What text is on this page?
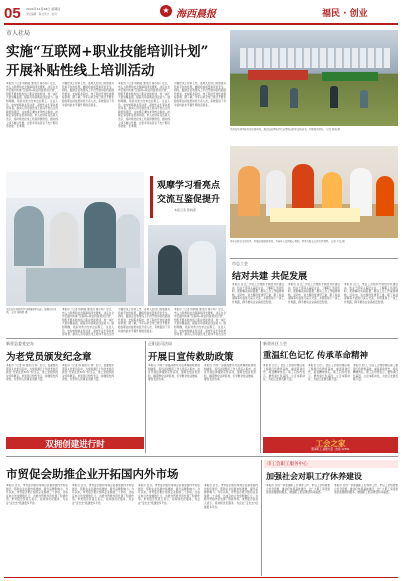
05 2024年11月28日 星期四
责任编辑 · 版式设计 · 校对	★ 海西晨报	福民 · 创业
市人社局
实施“互联网+职业技能培训计划”
开展补贴性线上培训活动
本报讯（记者 陈晓燕 通讯员 黄小明）近日，市人力资源和社会保障局印发通知，决定在全市范围内实施“互联网+职业技能培训计划”，组织开展补贴性线上职业技能培训，进一步扩大培训覆盖面，提高劳动者就业创业能力。通知明确，培训对象为全市企业职工、失业人员、农村转移就业劳动者、高校毕业生等各类劳动者。参训人员可通过线上培训平台自主选择培训项目，完成规定课时并考核合格的，按规定享受职业培训补贴。市人社局有关负责人表示，将持续优化线上培训资源供给，推动线上线下融合发展，让更多劳动者足不出户即可学技能、长本领。
为做好线上培训工作，各地人社部门将加强对培训平台的监管，确保培训质量和资金安全。同时，鼓励企业利用线上平台开展岗位技能提升培训，支持职业院校、技工院校开放优质课程资源。据了解，今年以来全市已累计开展补贴性职业技能培训四万余人次，有效促进了劳动者技能水平提升和稳定就业。
本报讯（记者 陈晓燕 通讯员 黄小明）近日，市人力资源和社会保障局印发通知，决定在全市范围内实施“互联网+职业技能培训计划”，组织开展补贴性线上职业技能培训，进一步扩大培训覆盖面，提高劳动者就业创业能力。通知明确，培训对象为全市企业职工、失业人员、农村转移就业劳动者、高校毕业生等各类劳动者。参训人员可通过线上培训平台自主选择培训项目，完成规定课时并考核合格的，按规定享受职业培训补贴。市人社局有关负责人表示，将持续优化线上培训资源供给，推动线上线下融合发展，让更多劳动者足不出户即可学技能、长本领。
为做好线上培训工作，各地人社部门将加强对培训平台的监管，确保培训质量和资金安全。同时，鼓励企业利用线上平台开展岗位技能提升培训，支持职业院校、技工院校开放优质课程资源。据了解，今年以来全市已累计开展补贴性职业技能培训四万余人次，有效促进了劳动者技能水平提升和稳定就业。
学员在培训基地参加实操训练，通过技能考核后将获得相应职业资格证书，实现稳定就业。 记者 林海 摄
青年志愿者走进社区，开展志愿服务活动，为老年人提供贴心帮助，营造互助友爱的社区氛围。 记者 王磊 摄
观摩学习看亮点
交流互鉴促提升
本报记者 陈晓燕
市民在培训机构学习健康照护技能，掌握实用本领。 记者 陈晓燕 摄
本报讯（记者 陈晓燕 通讯员 黄小明）近日，市人力资源和社会保障局印发通知，决定在全市范围内实施“互联网+职业技能培训计划”，组织开展补贴性线上职业技能培训，进一步扩大培训覆盖面，提高劳动者就业创业能力。通知明确，培训对象为全市企业职工、失业人员、农村转移就业劳动者、高校毕业生等各类劳动者。参训人员可通过线上培训平台自主选
为做好线上培训工作，各地人社部门将加强对培训平台的监管，确保培训质量和资金安全。同时，鼓励企业利用线上平台开展岗位技能提升培训，支持职业院校、技工院校开放优质课程资源。据了解，今年以来全市已累计开展补贴性职业技能培训四万余人次，有效促进了劳动者技能水平提升和稳定就业。
本报讯（记者 陈晓燕 通讯员 黄小明）近日，市人力资源和社会保障局印发通知，决定在全市范围内实施“互联网+职业技能培训计划”，组织开展补贴性线上职业技能培训，进一步扩大培训覆盖面，提高劳动者就业创业能力。通知明确，培训对象为全市企业职工、失业人员、农村转移就业劳动者、高校毕业生等各类劳动者。参训人员可通过线上培训平台自主选
市总工会
结对共建 共促发展
本报讯 近日，市总工会组织开展结对共建活动，机关干部深入基层企业，了解职工所需所盼，帮助解决实际困难，推动工会工作提质增效。活动中，双方围绕党建带工建、职工权益保障等方面进行深入交流，共同谋划下一步工作思路，携手推动企业高质量发展。
本报讯 近日，市总工会组织开展结对共建活动，机关干部深入基层企业，了解职工所需所盼，帮助解决实际困难，推动工会工作提质增效。活动中，双方围绕党建带工建、职工权益保障等方面进行深入交流，共同谋划下一步工作思路，携手推动企业高质量发展。
本报讯 近日，市总工会组织开展结对共建活动，机关干部深入基层企业，了解职工所需所盼，帮助解决实际困难，推动工会工作提质增效。活动中，双方围绕党建带工建、职工权益保障等方面进行深入交流，共同谋划下一步工作思路，携手推动企业高质量发展。
新晋县委党史办
为老党员颁发纪念章
本报讯（记者 陈 通讯员 刘）近日，县委组织部深入老党员家中，为党龄满五十年的老党员颁发“光荣在党50年”纪念章，送上党组织的关怀和敬意。老党员们纷纷表示，将继续发挥余热，为党和人民事业贡献力量。
本报讯（记者 陈 通讯员 刘）近日，县委组织部深入老党员家中，为党龄满五十年的老党员颁发“光荣在党50年”纪念章，送上党组织的关怀和敬意。老党员们纷纷表示，将继续发挥余热，为党和人民事业贡献力量。
双拥创建进行时
正阳县司法局
开展日宣传救助政策
本报讯 为进一步提高群众对法律援助政策的知晓率，县司法局组织工作人员深入集市、社区开展法律援助宣传活动，现场发放宣传资料，解答群众法律咨询，引导群众依法维权、理性表达诉求。
本报讯 为进一步提高群众对法律援助政策的知晓率，县司法局组织工作人员深入集市、社区开展法律援助宣传活动，现场发放宣传资料，解答群众法律咨询，引导群众依法维权、理性表达诉求。
新晋社区工会
重温红色记忆 传承革命精神
本报讯 近日，社区工会组织辖区职工参观红色教育基地，重温革命历史，接受精神洗礼。职工们纷纷表示，要传承红色基因，立足本职岗位，为社区发展贡献力量。
本报讯 近日，社区工会组织辖区职工参观红色教育基地，重温革命历史，接受精神洗礼。职工们纷纷表示，要传承红色基因，立足本职岗位，为社区发展贡献力量。
本报讯 近日，社区工会组织辖区职工参观红色教育基地，重温革命历史，接受精神洗礼。职工们纷纷表示，要传承红色基因，立足本职岗位，为社区发展贡献力量。
工会之家
服务职工 凝聚力量 · 热线 12351
市贸促会助推企业开拓国内外市场
本报讯 近日，市贸促会组织本地企业参加国内外知名展会，帮助企业拓展市场渠道，提升品牌影响力。今年以来，市贸促会累计组织企业参展二十余场，达成意向合作金额数亿元，为稳外贸稳外资发挥了积极作用。市贸促会负责人表示，将持续优化服务，为企业“走出去”搭建更多平台。
本报讯 近日，市贸促会组织本地企业参加国内外知名展会，帮助企业拓展市场渠道，提升品牌影响力。今年以来，市贸促会累计组织企业参展二十余场，达成意向合作金额数亿元，为稳外贸稳外资发挥了积极作用。市贸促会负责人表示，将持续优化服务，为企业“走出去”搭建更多平台。
本报讯 近日，市贸促会组织本地企业参加国内外知名展会，帮助企业拓展市场渠道，提升品牌影响力。今年以来，市贸促会累计组织企业参展二十余场，达成意向合作金额数亿元，为稳外贸稳外资发挥了积极作用。市贸促会负责人表示，将持续优化服务，为企业“走出去”搭建更多平台。
本报讯 近日，市贸促会组织本地企业参加国内外知名展会，帮助企业拓展市场渠道，提升品牌影响力。今年以来，市贸促会累计组织企业参展二十余场，达成意向合作金额数亿元，为稳外贸稳外资发挥了积极作用。市贸促会负责人表示，将持续优化服务，为企业“走出去”搭建更多平台。
市工会职工服务中心
加强社会对职工疗休养建设
本报讯 为进一步加强职工疗休养工作，市总工会积极整合社会资源，推动疗休养基地建设，让广大职工享受更加优质便捷的服务，增强职工的获得感和幸福感。
本报讯 为进一步加强职工疗休养工作，市总工会积极整合社会资源，推动疗休养基地建设，让广大职工享受更加优质便捷的服务，增强职工的获得感和幸福感。
